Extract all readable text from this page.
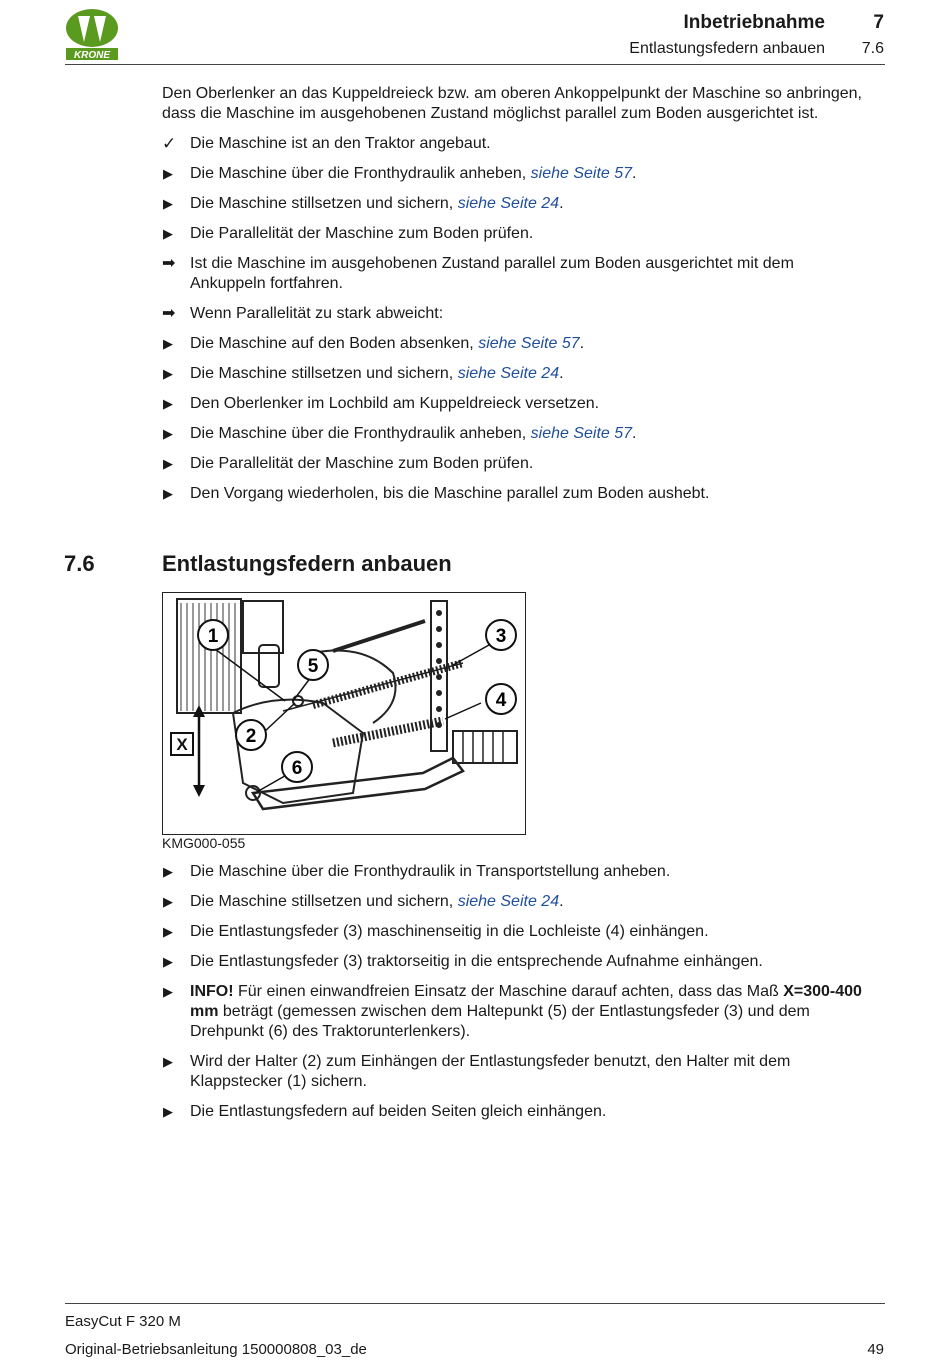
KRONE
Inbetriebnahme	7
Entlastungsfedern anbauen 7.6

Den Oberlenker an das Kuppeldreieck bzw. am oberen Ankoppelpunkt der Maschine so anbringen, dass die Maschine im ausgehobenen Zustand möglichst parallel zum Boden ausgerichtet ist.

✓ Die Maschine ist an den Traktor angebaut.
▶	Die Maschine über die Fronthydraulik anheben, siehe Seite 57.
▶	Die Maschine stillsetzen und sichern, siehe Seite 24.
▶	Die Parallelität der Maschine zum Boden prüfen.
➡ Ist die Maschine im ausgehobenen Zustand parallel zum Boden ausgerichtet mit dem Ankuppeln fortfahren.
➡ Wenn Parallelität zu stark abweicht:
▶	Die Maschine auf den Boden absenken, siehe Seite 57.
▶	Die Maschine stillsetzen und sichern, siehe Seite 24.
▶	Den Oberlenker im Lochbild am Kuppeldreieck versetzen.
▶	Die Maschine über die Fronthydraulik anheben, siehe Seite 57.
▶	Die Parallelität der Maschine zum Boden prüfen.
▶	Den Vorgang wiederholen, bis die Maschine parallel zum Boden aushebt.
7.6	Entlastungsfedern anbauen
X
1
5
3
4
2
6
KMG000-055
▶	Die Maschine über die Fronthydraulik in Transportstellung anheben.
▶	Die Maschine stillsetzen und sichern, siehe Seite 24.
▶	Die Entlastungsfeder (3) maschinenseitig in die Lochleiste (4) einhängen.
▶	Die Entlastungsfeder (3) traktorseitig in die entsprechende Aufnahme einhängen.
▶	INFO! Für einen einwandfreien Einsatz der Maschine darauf achten, dass das Maß X=300-400 mm beträgt (gemessen zwischen dem Haltepunkt (5) der Entlastungsfeder (3) und dem Drehpunkt (6) des Traktorunterlenkers).
▶	Wird der Halter (2) zum Einhängen der Entlastungsfeder benutzt, den Halter mit dem Klappstecker (1) sichern.
▶	Die Entlastungsfedern auf beiden Seiten gleich einhängen.
EasyCut F 320 M
Original-Betriebsanleitung 150000808_03_de	49
